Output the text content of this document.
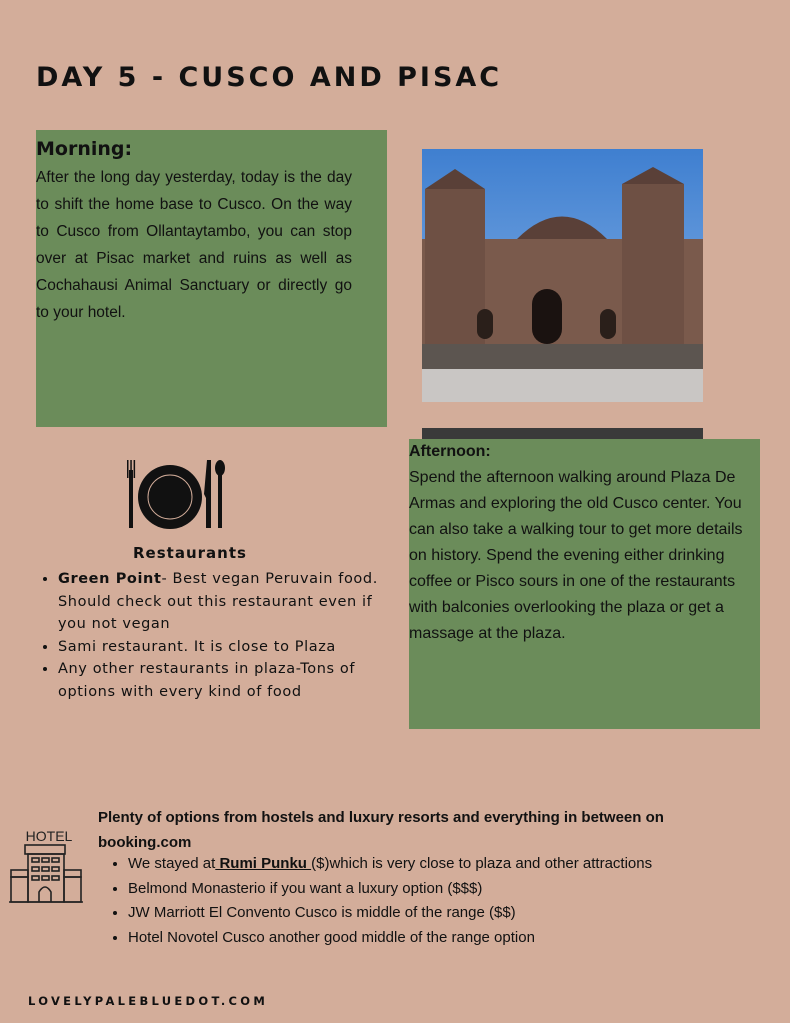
DAY 5 - CUSCO AND PISAC
Morning:

After the long day yesterday, today is the day to shift the home base to Cusco. On the way to Cusco from Ollantaytambo, you can stop over at Pisac market and ruins as well as Cochahausi Animal Sanctuary or directly go to your hotel.

Afternoon:
Spend the afternoon walking around Plaza De Armas and exploring the old Cusco center. You can also take a walking tour to get more details on history. Spend the evening either drinking coffee or Pisco sours in one of the restaurants with balconies overlooking the plaza or get a massage at the plaza.
Restaurants
• Green Point- Best vegan Peruvain food. Should check out this restaurant even if you not vegan
• Sami restaurant. It is close to Plaza
• Any other restaurants in plaza-Tons of options with every kind of food
HOTEL
Plenty of options from hostels and luxury resorts and everything in between on booking.com
• We stayed at Rumi Punku ($)which is very close to plaza and other attractions
• Belmond Monasterio if you want a luxury option ($$$)
• JW Marriott El Convento Cusco is middle of the range ($$)
• Hotel Novotel Cusco another good middle of the range option
LOVELYPALEBLUEDOT.COM
